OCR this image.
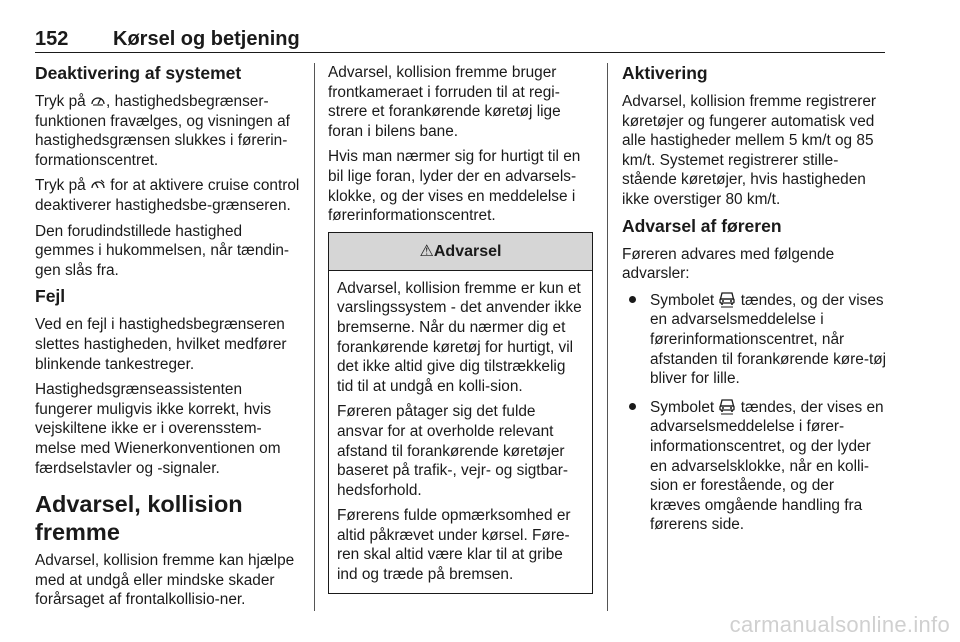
152 Kørsel og betjening
Deaktivering af systemet

Tryk på , hastighedsbegrænser-funktionen fravælges, og visningen af hastighedsgrænsen slukkes i førerin-formationscentret.

Tryk på  for at aktivere cruise control deaktiverer hastighedsbe-grænseren.

Den forudindstillede hastighed gemmes i hukommelsen, når tændin-gen slås fra.

Fejl

Ved en fejl i hastighedsbegrænseren slettes hastigheden, hvilket medfører blinkende tankestreger.

Hastighedsgrænseassistenten fungerer muligvis ikke korrekt, hvis vejskiltene ikke er i overensstem-melse med Wienerkonventionen om færdselstavler og -signaler.

Advarsel, kollision fremme

Advarsel, kollision fremme kan hjælpe med at undgå eller mindske skader forårsaget af frontalkollisio-ner.

Advarsel, kollision fremme bruger frontkameraet i forruden til at regi-strere et forankørende køretøj lige foran i bilens bane.

Hvis man nærmer sig for hurtigt til en bil lige foran, lyder der en advarsels-klokke, og der vises en meddelelse i førerinformationscentret.

⚠Advarsel

Advarsel, kollision fremme er kun et varslingssystem - det anvender ikke bremserne. Når du nærmer dig et forankørende køretøj for hurtigt, vil det ikke altid give dig tilstrækkelig tid til at undgå en kolli-sion.

Føreren påtager sig det fulde ansvar for at overholde relevant afstand til forankørende køretøjer baseret på trafik-, vejr- og sigtbar-hedsforhold.

Førerens fulde opmærksomhed er altid påkrævet under kørsel. Føre-ren skal altid være klar til at gribe ind og træde på bremsen.

Aktivering

Advarsel, kollision fremme registrerer køretøjer og fungerer automatisk ved alle hastigheder mellem 5 km/t og 85 km/t. Systemet registrerer stille-stående køretøjer, hvis hastigheden ikke overstiger 80 km/t.

Advarsel af føreren

Føreren advares med følgende advarsler:

Symbolet  tændes, og der vises en advarselsmeddelelse i førerinformationscentret, når afstanden til forankørende køre-tøj bliver for lille.
Symbolet  tændes, der vises en advarselsmeddelelse i fører-informationscentret, og der lyder en advarselsklokke, når en kolli-sion er forestående, og der kræves omgående handling fra førerens side.
carmanualsonline.info
